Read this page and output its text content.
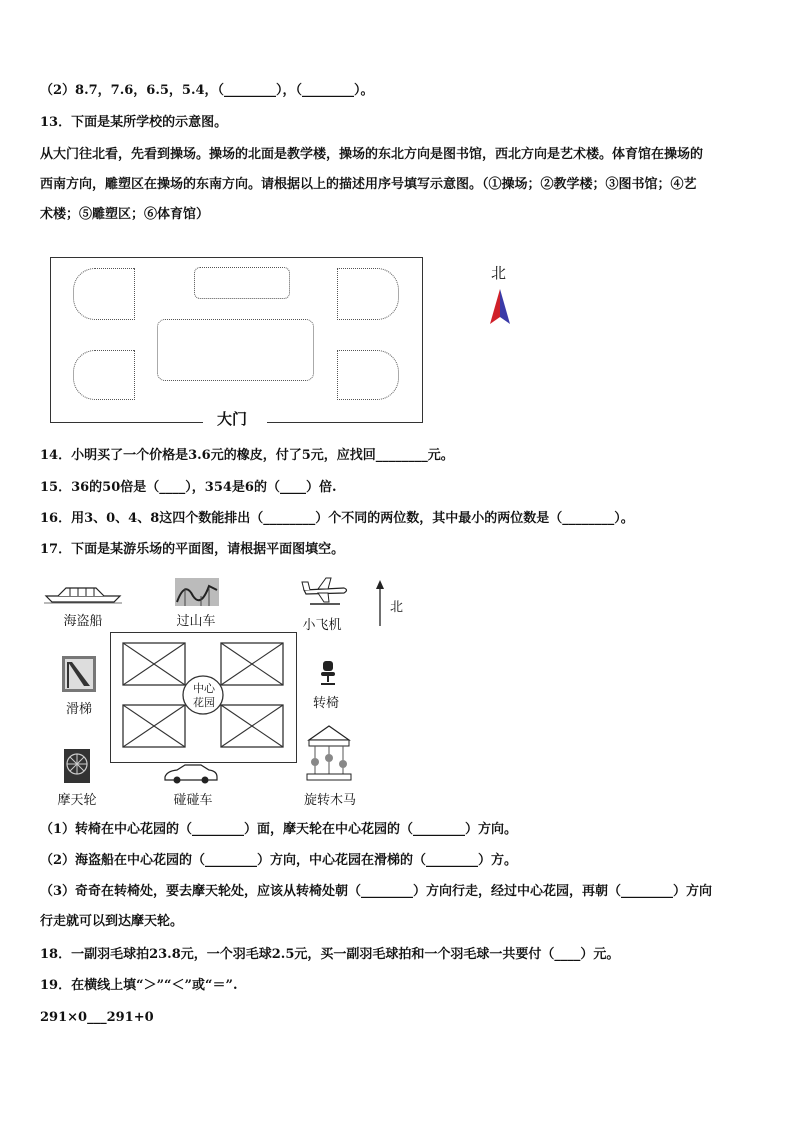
（2）8.7，7.6，6.5，5.4，（________），（________）。
13．下面是某所学校的示意图。
从大门往北看，先看到操场。操场的北面是教学楼，操场的东北方向是图书馆，西北方向是艺术楼。体育馆在操场的
西南方向，雕塑区在操场的东南方向。请根据以上的描述用序号填写示意图。（①操场；②教学楼；③图书馆；④艺
术楼；⑤雕塑区；⑥体育馆）
大门
北
14．小明买了一个价格是3.6元的橡皮，付了5元，应找回________元。
15．36的50倍是（____），354是6的（____）倍.
16．用3、0、4、8这四个数能排出（________）个不同的两位数，其中最小的两位数是（________）。
17．下面是某游乐场的平面图，请根据平面图填空。
北
中心
花园
海盗船	过山车	小飞机
滑梯	转椅
摩天轮	碰碰车	旋转木马
（1）转椅在中心花园的（________）面，摩天轮在中心花园的（________）方向。
（2）海盗船在中心花园的（________）方向，中心花园在滑梯的（________）方。
（3）奇奇在转椅处，要去摩天轮处，应该从转椅处朝（________）方向行走，经过中心花园，再朝（________）方向
行走就可以到达摩天轮。
18．一副羽毛球拍23.8元，一个羽毛球2.5元，买一副羽毛球拍和一个羽毛球一共要付（____）元。
19．在横线上填“＞”“＜”或“＝”.
291×0___291+0
